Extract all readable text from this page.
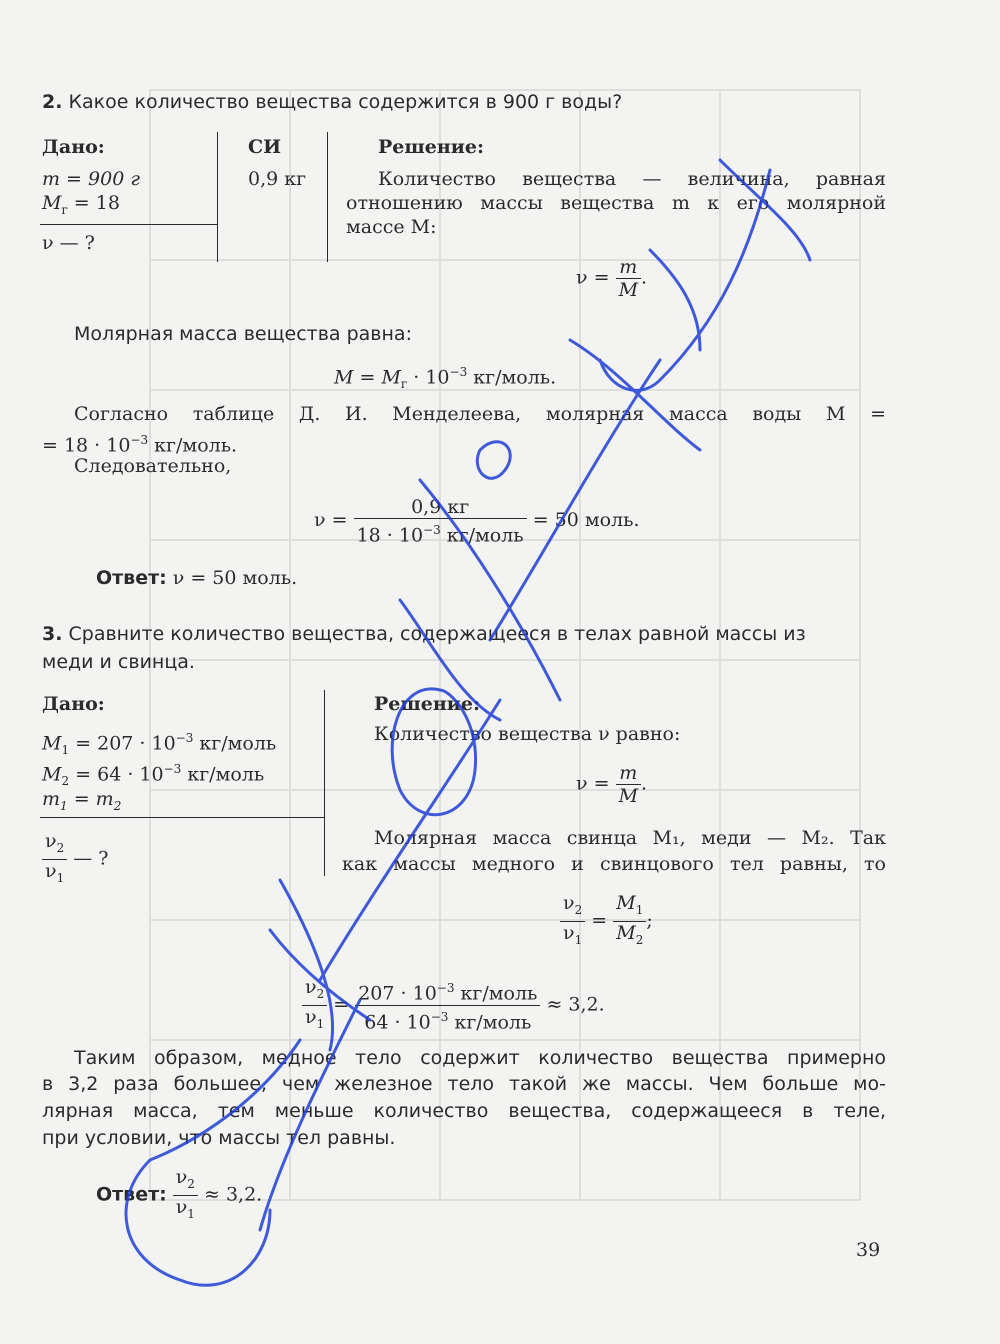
2. Какое количество вещества содержится в 900 г воды?
Дано:
m = 900 г
$M_г = 18$
ν — ?
СИ
0,9 кг
Решение:
Количество вещества — величина, равная
отношению массы вещества m к его молярной
массе M:
$\nu = \frac{m}{M}$ .
Молярная масса вещества равна:
$M = M_г \cdot 10^{-3}$ кг/моль.
Согласно таблице Д. И. Менделеева, молярная масса воды M =
= $18 \cdot 10^{-3}$ кг/моль.
Следовательно,
$\nu = \frac{0,9 кг}{18 \cdot 10^{-3} кг/моль} = 50$ моль.
Ответ: ν = 50 моль.
3. Сравните количество вещества, содержащееся в телах равной массы из
меди и свинца.
Дано:
$M_1 = 207 \cdot 10^{-3}$ кг/моль
$M_2 = 64 \cdot 10^{-3}$ кг/моль
$m_1 = m_2$
$\frac{\nu_2}{\nu_1}$ — ?
Решение:
Количество вещества ν равно:
$\nu = \frac{m}{M}$ .
Молярная масса свинца M₁, меди — M₂. Так
как массы медного и свинцового тел равны, то
$\frac{\nu_2}{\nu_1} = \frac{M_1}{M_2}$ ;
$\frac{\nu_2}{\nu_1} = \frac{207 \cdot 10^{-3} кг/моль}{64 \cdot 10^{-3} кг/моль} \approx 3,2$.
Таким образом, медное тело содержит количество вещества примерно
в 3,2 раза большее, чем железное тело такой же массы. Чем больше мо-
лярная масса, тем меньше количество вещества, содержащееся в теле,
при условии, что массы тел равны.
Ответ: $\frac{\nu_2}{\nu_1} \approx 3,2$.
39
